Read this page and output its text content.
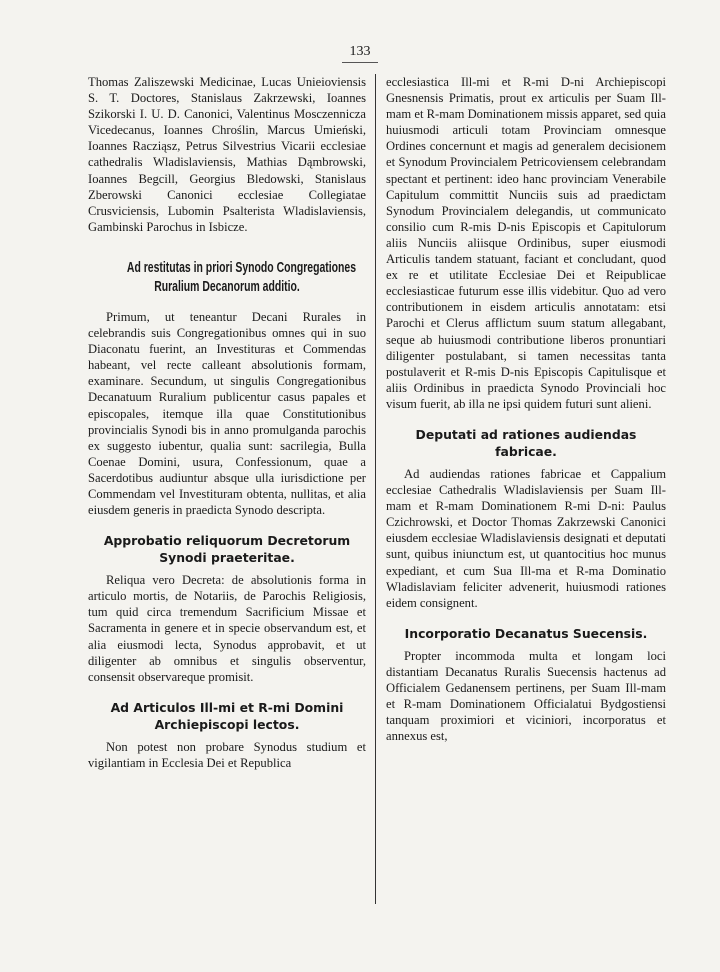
133

Thomas Zaliszewski Medicinae, Lucas Unieioviensis S. T. Doctores, Stanislaus Zakrzewski, Ioannes Szikorski I. U. D. Canonici, Valentinus Mosczennicza Vicedecanus, Ioannes Chroślin, Marcus Umieński, Ioannes Racziąsz, Petrus Silvestrius Vicarii ecclesiae cathedralis Wladislaviensis, Mathias Dąmbrowski, Ioannes Begcill, Georgius Bledowski, Stanislaus Zberowski Canonici ecclesiae Collegiatae Crusviciensis, Lubomin Psalterista Wladislaviensis, Gambinski Parochus in Isbicze.

Ad restitutas in priori Synodo Congregationes
Ruralium Decanorum additio.

Primum, ut teneantur Decani Rurales in celebrandis suis Congregationibus omnes qui in suo Diaconatu fuerint, an Investituras et Commendas habeant, vel recte calleant absolutionis formam, examinare. Secundum, ut singulis Congregationibus Decanatuum Ruralium publicentur casus papales et episcopales, itemque illa quae Constitutionibus provincialis Synodi bis in anno promulganda parochis ex suggesto iubentur, qualia sunt: sacrilegia, Bulla Coenae Domini, usura, Confessionum, quae a Sacerdotibus audiuntur absque ulla iurisdictione per Commendam vel Investituram obtenta, nullitas, et alia eiusdem generis in praedicta Synodo descripta.

Approbatio reliquorum Decretorum
Synodi praeteritae.

Reliqua vero Decreta: de absolutionis forma in articulo mortis, de Notariis, de Parochis Religiosis, tum quid circa tremendum Sacrificium Missae et Sacramenta in genere et in specie observandum est, et alia eiusmodi lecta, Synodus approbavit, et ut diligenter ab omnibus et singulis observentur, consensit observareque promisit.

Ad Articulos Ill-mi et R-mi Domini
Archiepiscopi lectos.

Non potest non probare Synodus studium et vigilantiam in Ecclesia Dei et Republica

ecclesiastica Ill-mi et R-mi D-ni Archiepiscopi Gnesnensis Primatis, prout ex articulis per Suam Ill-mam et R-mam Dominationem missis apparet, sed quia huiusmodi articuli totam Provinciam omnesque Ordines concernunt et magis ad generalem decisionem et Synodum Provincialem Petricoviensem celebrandam spectant et pertinent: ideo hanc provinciam Venerabile Capitulum committit Nunciis suis ad praedictam Synodum Provincialem delegandis, ut communicato consilio cum R-mis D-nis Episcopis et Capitulorum aliis Nunciis aliisque Ordinibus, super eiusmodi Articulis tandem statuant, faciant et concludant, quod ex re et utilitate Ecclesiae Dei et Reipublicae ecclesiasticae futurum esse illis videbitur. Quo ad vero contributionem in eisdem articulis annotatam: etsi Parochi et Clerus afflictum suum statum allegabant, seque ab huiusmodi contributione liberos pronuntiari diligenter postulabant, si tamen necessitas tanta postulaverit et R-mis D-nis Episcopis Capitulisque et aliis Ordinibus in praedicta Synodo Provinciali hoc visum fuerit, ab illa ne ipsi quidem futuri sunt alieni.

Deputati ad rationes audiendas fabricae.

Ad audiendas rationes fabricae et Cappalium ecclesiae Cathedralis Wladislaviensis per Suam Ill-mam et R-mam Dominationem R-mi D-ni: Paulus Czichrowski, et Doctor Thomas Zakrzewski Canonici eiusdem ecclesiae Wladislaviensis designati et deputati sunt, quibus iniunctum est, ut quantocitius hoc munus expediant, et cum Sua Ill-ma et R-ma Dominatio Wladislaviam feliciter advenerit, huiusmodi rationes eidem consignent.

Incorporatio Decanatus Suecensis.

Propter incommoda multa et longam loci distantiam Decanatus Ruralis Suecensis hactenus ad Officialem Gedanensem pertinens, per Suam Ill-mam et R-mam Dominationem Officialatui Bydgostiensi tanquam proximiori et viciniori, incorporatus et annexus est,
